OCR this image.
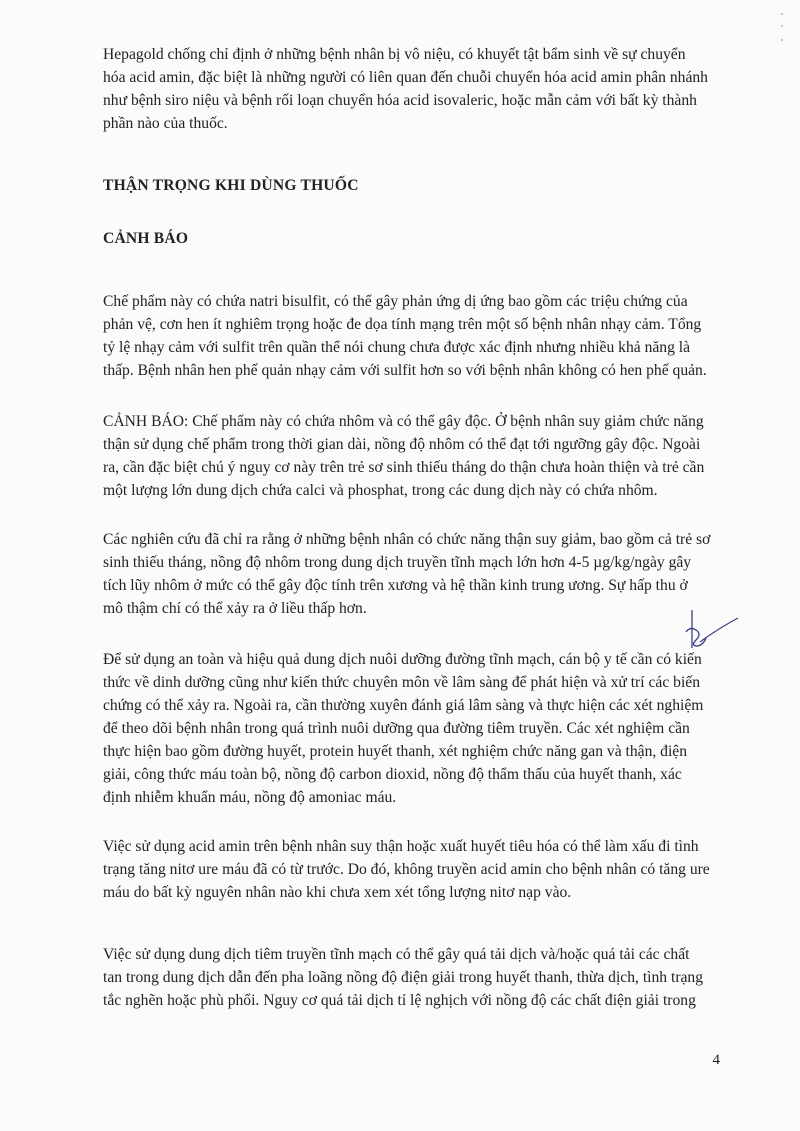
Hepagold chống chỉ định ở những bệnh nhân bị vô niệu, có khuyết tật bẩm sinh về sự chuyển
hóa acid amin, đặc biệt là những người có liên quan đến chuỗi chuyển hóa acid amin phân nhánh
như bệnh siro niệu và bệnh rối loạn chuyển hóa acid isovaleric, hoặc mẫn cảm với bất kỳ thành
phần nào của thuốc.

THẬN TRỌNG KHI DÙNG THUỐC
CẢNH BÁO

Chế phẩm này có chứa natri bisulfit, có thể gây phản ứng dị ứng bao gồm các triệu chứng của
phản vệ, cơn hen ít nghiêm trọng hoặc đe dọa tính mạng trên một số bệnh nhân nhạy cảm. Tổng
tỷ lệ nhạy cảm với sulfit trên quần thể nói chung chưa được xác định nhưng nhiều khả năng là
thấp. Bệnh nhân hen phế quản nhạy cảm với sulfit hơn so với bệnh nhân không có hen phế quản.

CẢNH BÁO: Chế phẩm này có chứa nhôm và có thể gây độc. Ở bệnh nhân suy giảm chức năng
thận sử dụng chế phẩm trong thời gian dài, nồng độ nhôm có thể đạt tới ngưỡng gây độc. Ngoài
ra, cần đặc biệt chú ý nguy cơ này trên trẻ sơ sinh thiếu tháng do thận chưa hoàn thiện và trẻ cần
một lượng lớn dung dịch chứa calci và phosphat, trong các dung dịch này có chứa nhôm.

Các nghiên cứu đã chỉ ra rằng ở những bệnh nhân có chức năng thận suy giảm, bao gồm cả trẻ sơ
sinh thiếu tháng, nồng độ nhôm trong dung dịch truyền tĩnh mạch lớn hơn 4-5 µg/kg/ngày gây
tích lũy nhôm ở mức có thể gây độc tính trên xương và hệ thần kinh trung ương. Sự hấp thu ở
mô thậm chí có thể xảy ra ở liều thấp hơn.

Để sử dụng an toàn và hiệu quả dung dịch nuôi dưỡng đường tĩnh mạch, cán bộ y tế cần có kiến
thức về dinh dưỡng cũng như kiến thức chuyên môn về lâm sàng để phát hiện và xử trí các biến
chứng có thể xảy ra. Ngoài ra, cần thường xuyên đánh giá lâm sàng và thực hiện các xét nghiệm
để theo dõi bệnh nhân trong quá trình nuôi dưỡng qua đường tiêm truyền. Các xét nghiệm cần
thực hiện bao gồm đường huyết, protein huyết thanh, xét nghiệm chức năng gan và thận, điện
giải, công thức máu toàn bộ, nồng độ carbon dioxid, nồng độ thẩm thấu của huyết thanh, xác
định nhiễm khuẩn máu, nồng độ amoniac máu.

Việc sử dụng acid amin trên bệnh nhân suy thận hoặc xuất huyết tiêu hóa có thể làm xấu đi tình
trạng tăng nitơ ure máu đã có từ trước. Do đó, không truyền acid amin cho bệnh nhân có tăng ure
máu do bất kỳ nguyên nhân nào khi chưa xem xét tổng lượng nitơ nạp vào.

Việc sử dụng dung dịch tiêm truyền tĩnh mạch có thể gây quá tải dịch và/hoặc quá tải các chất
tan trong dung dịch dẫn đến pha loãng nồng độ điện giải trong huyết thanh, thừa dịch, tình trạng
tắc nghẽn hoặc phù phổi. Nguy cơ quá tải dịch tỉ lệ nghịch với nồng độ các chất điện giải trong

4
